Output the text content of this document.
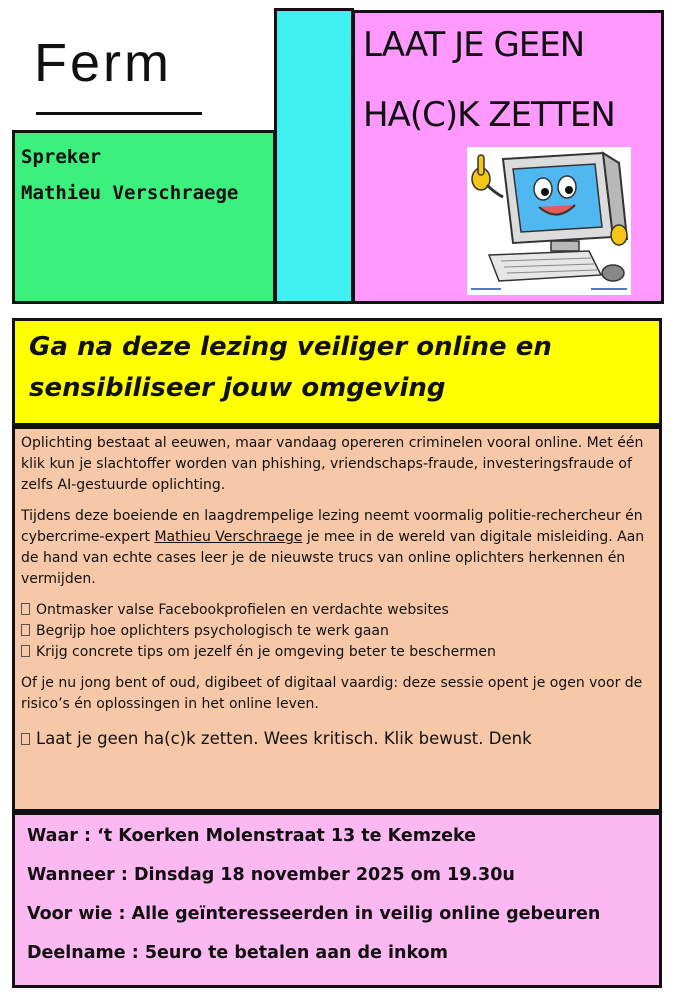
Ferm
Spreker
Mathieu Verschraege
LAAT JE GEEN
HA(C)K ZETTEN
Ga na deze lezing veiliger online en
sensibiliseer jouw omgeving

Oplichting bestaat al eeuwen, maar vandaag opereren criminelen vooral online. Met één klik kun je slachtoffer worden van phishing, vriendschaps-fraude, investeringsfraude of zelfs AI-gestuurde oplichting.

Tijdens deze boeiende en laagdrempelige lezing neemt voormalig politie-rechercheur én cybercrime-expert Mathieu Verschraege je mee in de wereld van digitale misleiding. Aan de hand van echte cases leer je de nieuwste trucs van online oplichters herkennen én vermijden.

Ontmasker valse Facebookprofielen en verdachte websites
Begrijp hoe oplichters psychologisch te werk gaan
Krijg concrete tips om jezelf én je omgeving beter te beschermen

Of je nu jong bent of oud, digibeet of digitaal vaardig: deze sessie opent je ogen voor de risico’s én oplossingen in het online leven.

Laat je geen ha(c)k zetten. Wees kritisch. Klik bewust. Denk

Waar : ‘t Koerken Molenstraat 13 te Kemzeke
Wanneer : Dinsdag 18 november 2025 om 19.30u
Voor wie : Alle geïnteresseerden in veilig online gebeuren
Deelname : 5euro te betalen aan de inkom
